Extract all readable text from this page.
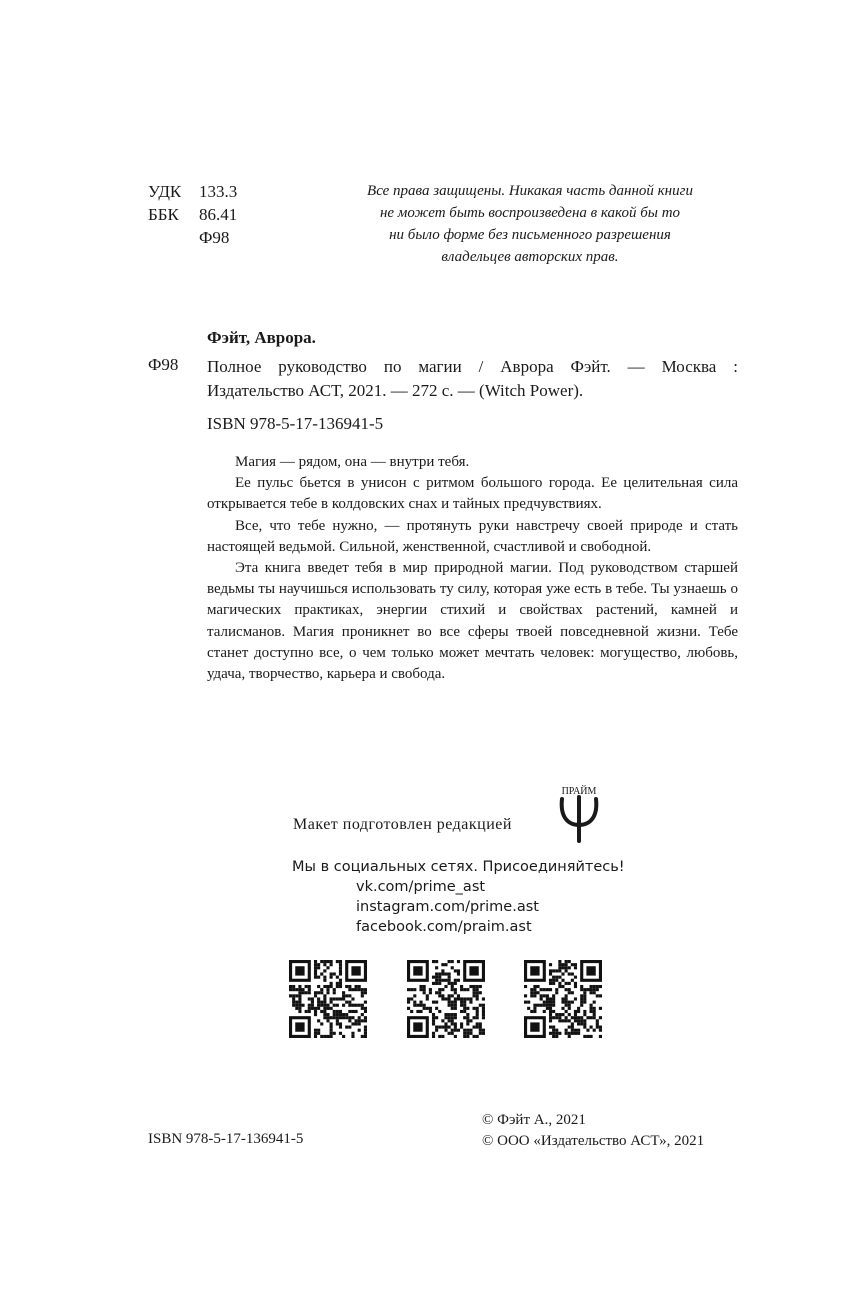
УДК	133.3
ББК	86.41
Ф98
Все права защищены. Никакая часть данной книги
не может быть воспроизведена в какой бы то
ни было форме без письменного разрешения
владельцев авторских прав.
Фэйт, Аврора.
Ф98 Полное руководство по магии / Аврора Фэйт. — Москва :

Издательство АСТ, 2021. — 272 с. — (Witch Power).

ISBN 978-5-17-136941-5

Магия — рядом, она — внутри тебя.

Ее пульс бьется в унисон с ритмом большого города. Ее целительная сила открывается тебе в колдовских снах и тайных предчувствиях.

Все, что тебе нужно, — протянуть руки навстречу своей природе и стать настоящей ведьмой. Сильной, женственной, счастливой и свободной.

Эта книга введет тебя в мир природной магии. Под руководством старшей ведьмы ты научишься использовать ту силу, которая уже есть в тебе. Ты узнаешь о магических практиках, энергии стихий и свойствах растений, камней и талисманов. Магия проникнет во все сферы твоей повседневной жизни. Тебе станет доступно все, о чем только может мечтать человек: могущество, любовь, удача, творчество, карьера и свобода.

Макет подготовлен редакцией
ПРАЙМ
Мы в социальных сетях. Присоединяйтесь!
vk.com/prime_ast
instagram.com/prime.ast
facebook.com/praim.ast
© Фэйт А., 2021
© ООО «Издательство АСТ», 2021
ISBN 978-5-17-136941-5
